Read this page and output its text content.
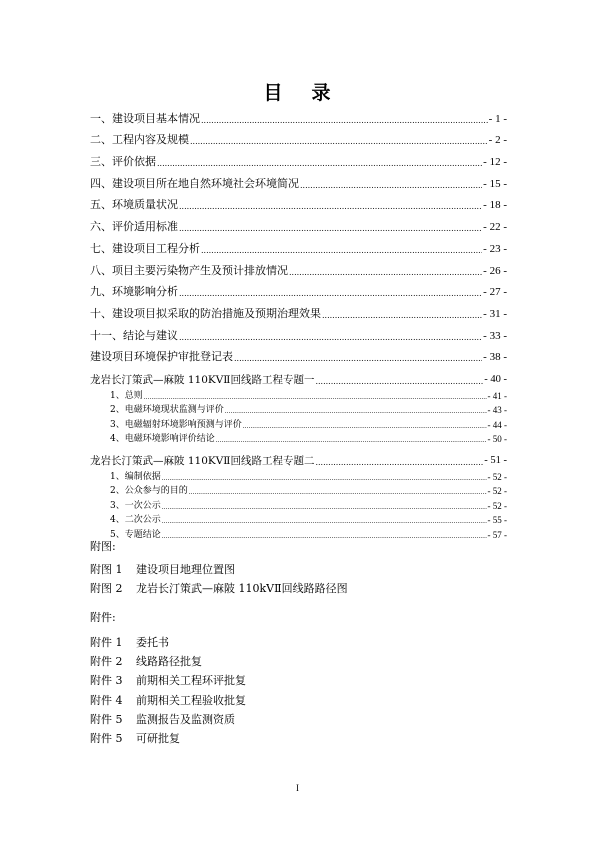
目 录
一、建设项目基本情况 .....	- 1 -
二、工程内容及规模 .....	- 2 -
三、评价依据 .....	- 12 -
四、建设项目所在地自然环境社会环境简况 .....	- 15 -
五、环境质量状况 .....	- 18 -
六、评价适用标准 .....	- 22 -
七、建设项目工程分析 .....	- 23 -
八、项目主要污染物产生及预计排放情况 .....	- 26 -
九、环境影响分析 .....	- 27 -
十、建设项目拟采取的防治措施及预期治理效果 .....	- 31 -
十一、结论与建议 .....	- 33 -
建设项目环境保护审批登记表 .....	- 38 -
龙岩长汀策武—麻陂 110KVⅡ回线路工程专题一 .....	- 40 -
1、总则 .....	- 41 -
2、电磁环境现状监测与评价 .....	- 43 -
3、电磁辐射环境影响预测与评价 .....	- 44 -
4、电磁环境影响评价结论 .....	- 50 -
龙岩长汀策武—麻陂 110KVⅡ回线路工程专题二 .....	- 51 -
1、编制依据 .....	- 52 -
2、公众参与的目的 .....	- 52 -
3、一次公示 .....	- 52 -
4、二次公示 .....	- 55 -
5、专题结论 .....	- 57 -
附图:
附图 1	建设项目地理位置图
附图 2	龙岩长汀策武—麻陂 110kVⅡ回线路路径图
附件:
附件 1	委托书
附件 2	线路路径批复
附件 3	前期相关工程环评批复
附件 4	前期相关工程验收批复
附件 5	监测报告及监测资质
附件 5	可研批复
I
